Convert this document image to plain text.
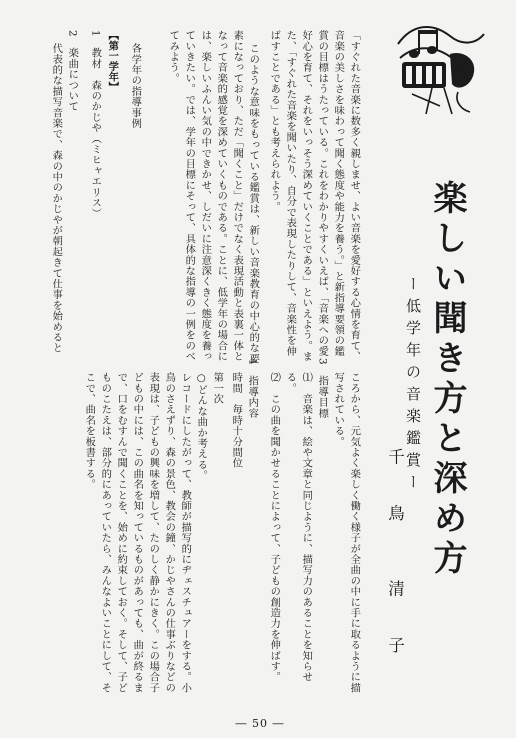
「すぐれた音楽に数多く親しませ、よい音楽を愛好する心情を育て、

音楽の美しさを味わって聞く態度や能力を養う。」と新指導要領の鑑

賞の目標はうたっている。これをわかりやすくいえば、「音楽への愛

好心を育て、それをいっそう深めていくことである」といえよう。ま

た、「すぐれた音楽を聞いたり、自分で表現したりして、音楽性を伸

ばすことである」とも考えられよう。

このような意味をもっている鑑賞は、新しい音楽教育の中心的な要

素になっており、ただ「聞くこと」だけでなく表現活動と表裏一体と

なって音楽的感覚を深めていくものである。ことに、低学年の場合に

は、楽しいふんい気の中できかせ、しだいに注意深くきく態度を養っ

ていきたい。では、学年の目標にそって、具体的な指導の一例をのべ

てみよう。

各学年の指導事例

【第一学年】

1　教材　森のかじや（ミヒャエリス）

2　楽曲について

代表的な描写音楽で、森の中のかじやが朝起きて仕事を始めると

ころから、元気よく楽しく働く様子が全曲の中に手に取るように描

写されている。

3　指導目標

⑴　音楽は、絵や文章と同じように、描写力のあることを知らせ

る。

⑵　この曲を聞かせることによって、子どもの創造力を伸ばす。

4　指導内容

時間　毎時十分間位

第一次

○どんな曲か考える。

レコードにしたがって、教師が描写的にヂェスチュアーをする。小

鳥のさえずり、森の景色、教会の鐘、かじやさんの仕事ぶりなどの

表現は、子どもの興味を増して、たのしく静かにきく。この場合子

どもの中には、この曲名を知っているものがあっても、曲が終るま

で、口をむすんで聞くことを、始めに約束しておく。そして、子ど

ものこたえは、部分的にあっていたら、みんなよいことにして、そ

こで、曲名を板書する。	楽しい聞き方と深め方
ー低学年の音楽鑑賞ー
千鳥
清子
― 50 ―
